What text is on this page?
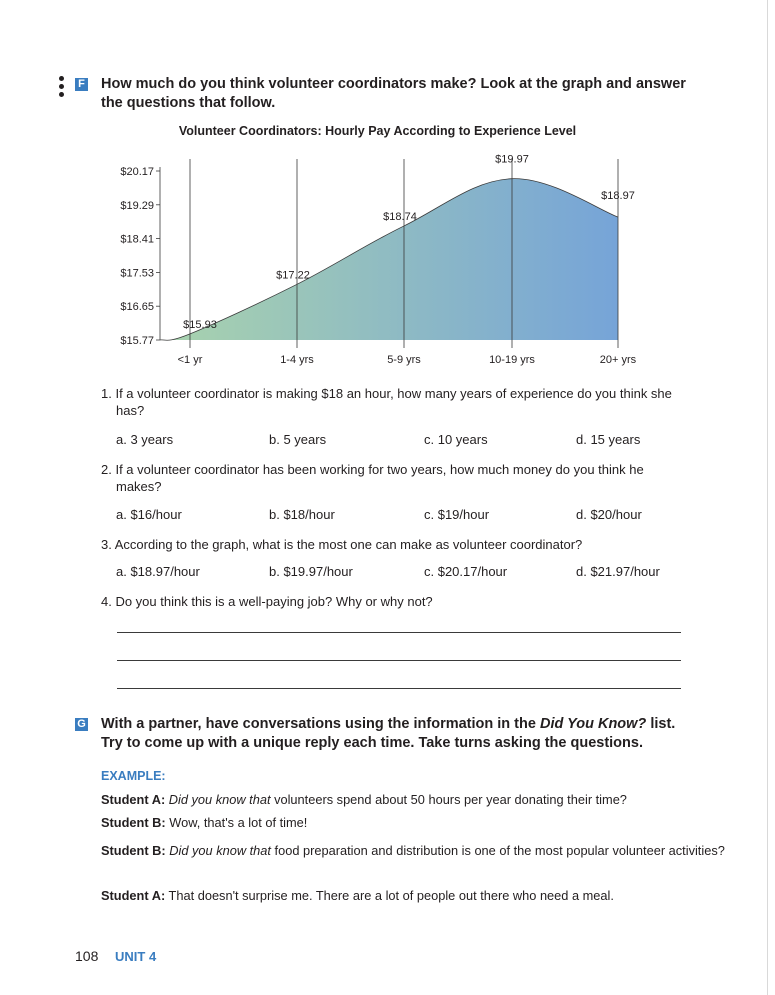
F How much do you think volunteer coordinators make? Look at the graph and answer the questions that follow.
Volunteer Coordinators: Hourly Pay According to Experience Level
$20.17
$19.29
$18.41
$17.53
$16.65
$15.77
<1 yr	1-4 yrs	5-9 yrs	10-19 yrs	20+ yrs
$15.93
$17.22
$18.74
$19.97
$18.97
1. If a volunteer coordinator is making $18 an hour, how many years of experience do you think she has?
a. 3 years	b. 5 years	c. 10 years	d. 15 years
2. If a volunteer coordinator has been working for two years, how much money do you think he makes?
a. $16/hour	b. $18/hour	c. $19/hour	d. $20/hour
3. According to the graph, what is the most one can make as volunteer coordinator?
a. $18.97/hour	b. $19.97/hour	c. $20.17/hour	d. $21.97/hour
4. Do you think this is a well-paying job? Why or why not?
G With a partner, have conversations using the information in the Did You Know? list. Try to come up with a unique reply each time. Take turns asking the questions.
EXAMPLE:
Student A: Did you know that volunteers spend about 50 hours per year donating their time?
Student B: Wow, that's a lot of time!
Student B: Did you know that food preparation and distribution is one of the most popular volunteer activities?
Student A: That doesn't surprise me. There are a lot of people out there who need a meal.
108 UNIT 4
